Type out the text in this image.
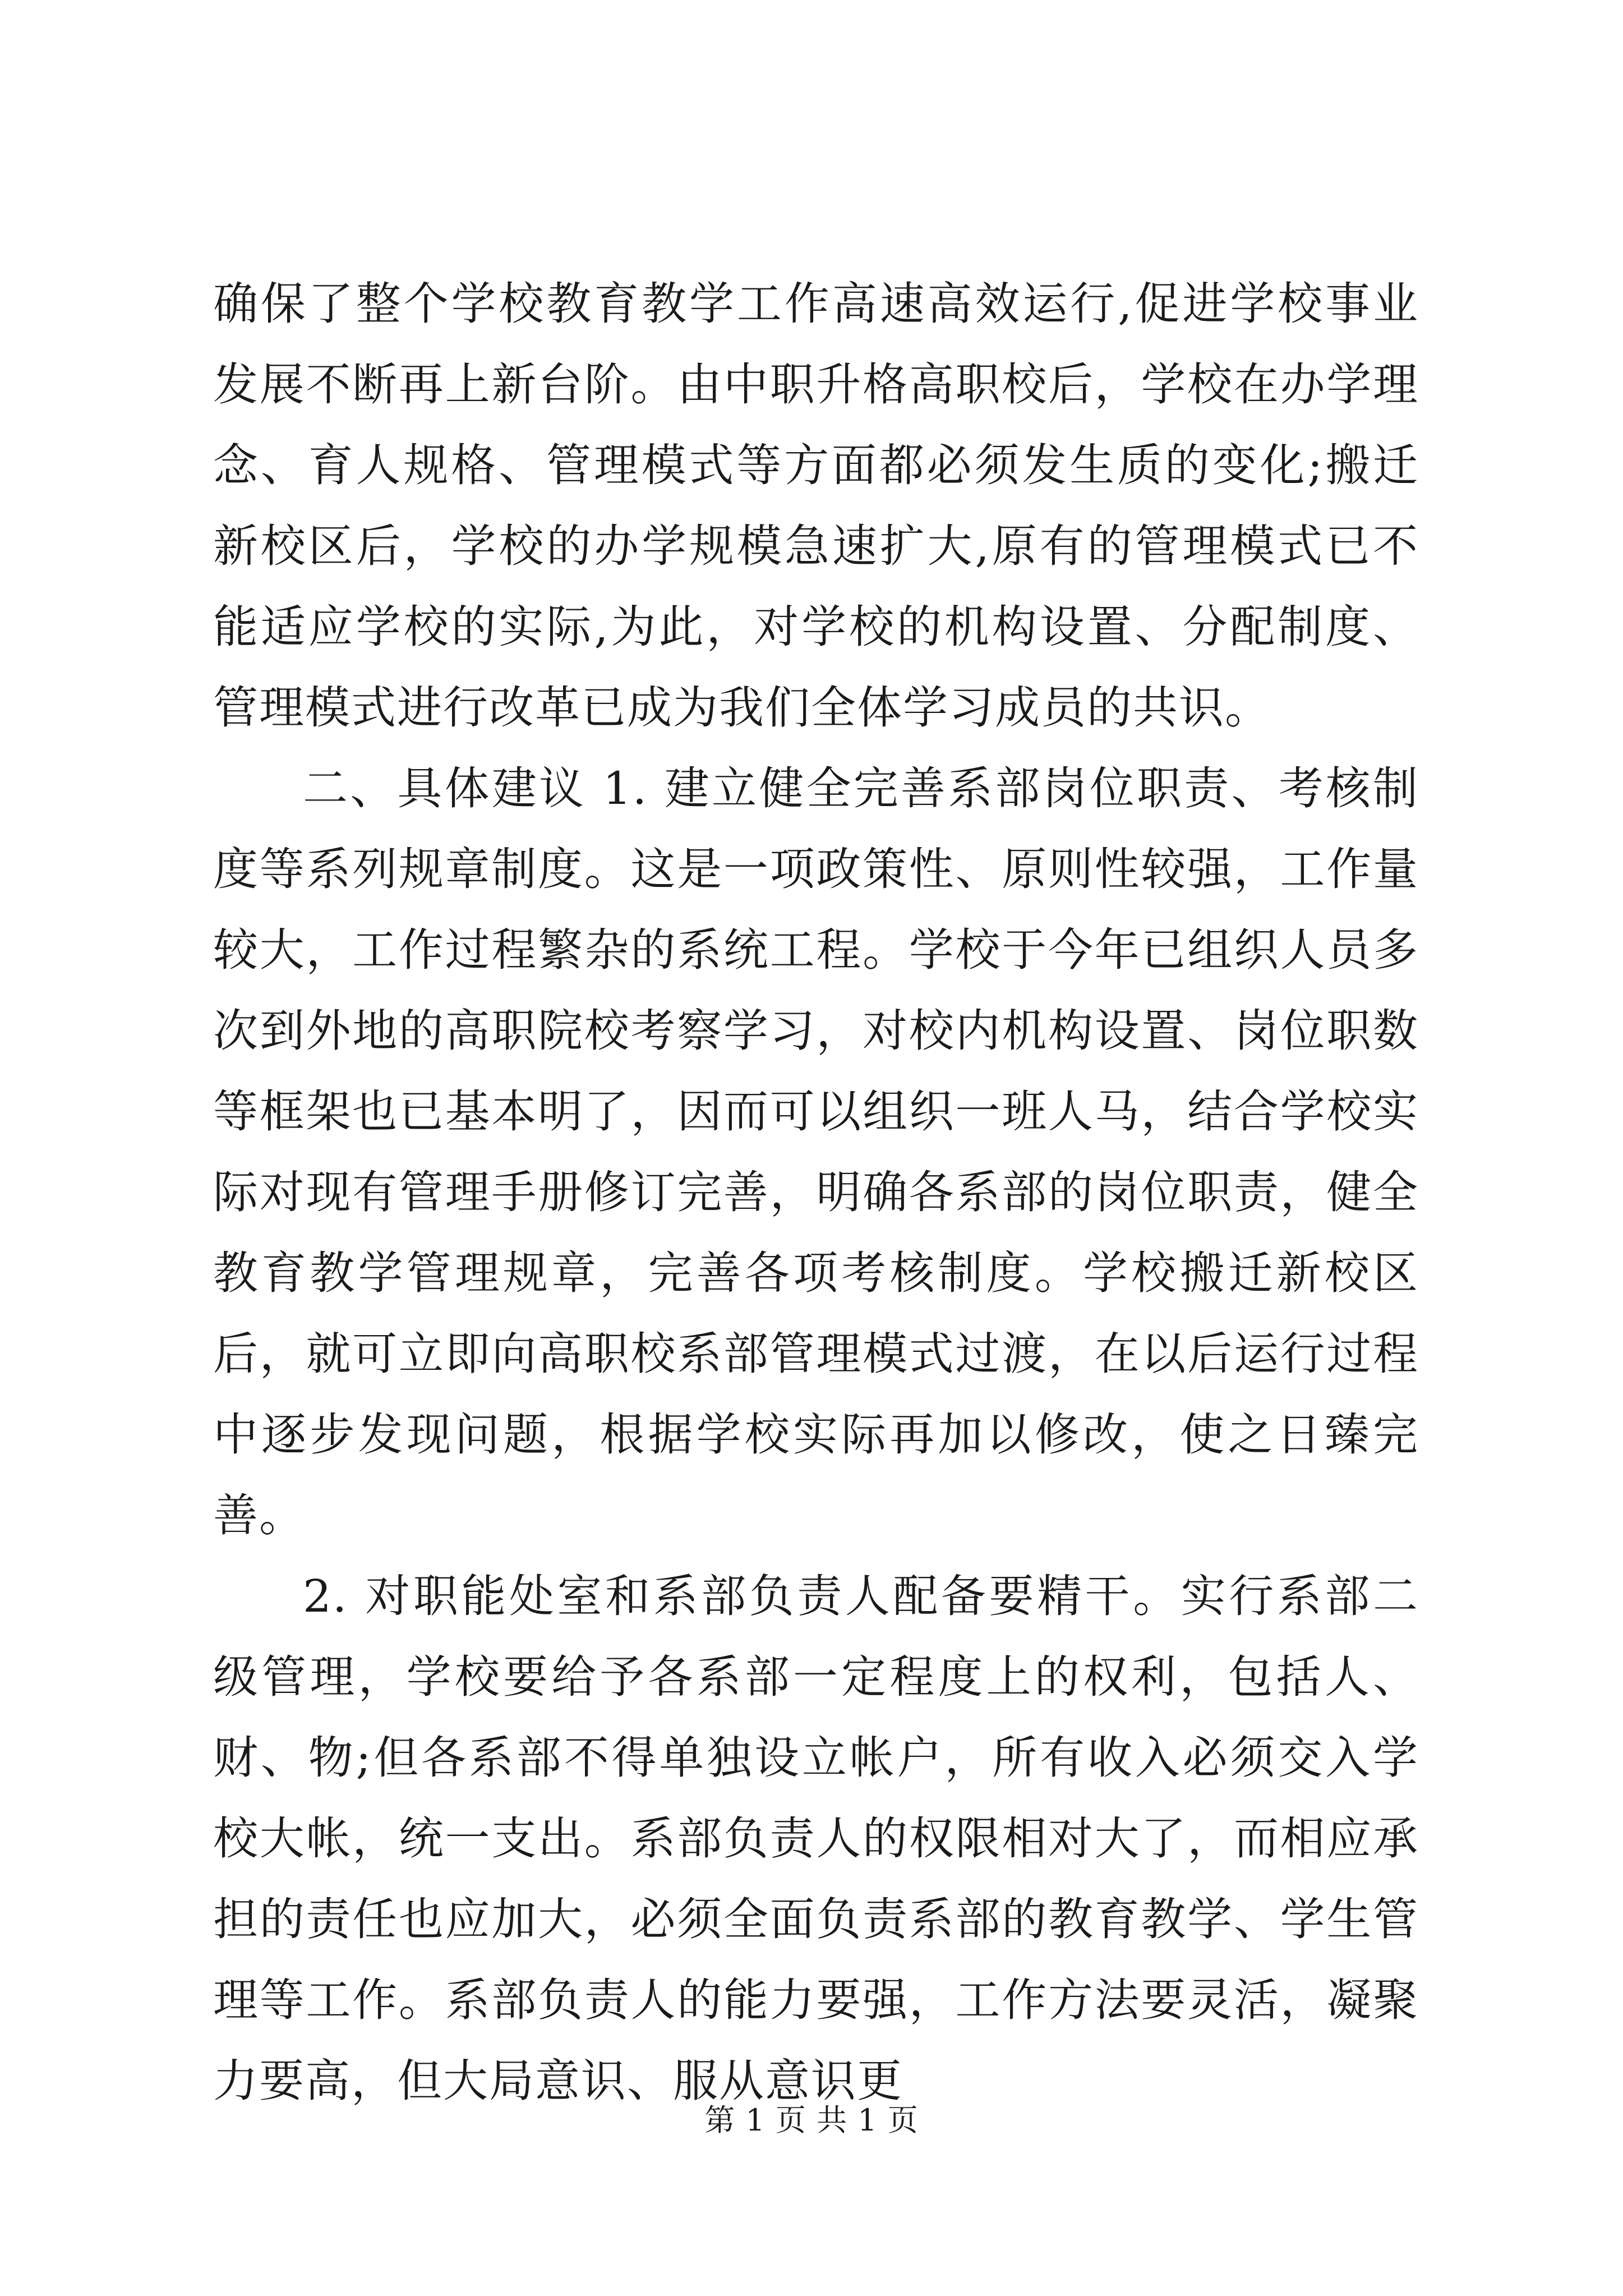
确保了整个学校教育教学工作高速高效运行,促进学校事业发展不断再上新台阶。由中职升格高职校后，学校在办学理念、育人规格、管理模式等方面都必须发生质的变化;搬迁新校区后，学校的办学规模急速扩大,原有的管理模式已不能适应学校的实际,为此，对学校的机构设置、分配制度、管理模式进行改革已成为我们全体学习成员的共识。

二、具体建议 1. 建立健全完善系部岗位职责、考核制度等系列规章制度。这是一项政策性、原则性较强，工作量较大，工作过程繁杂的系统工程。学校于今年已组织人员多次到外地的高职院校考察学习，对校内机构设置、岗位职数等框架也已基本明了，因而可以组织一班人马，结合学校实际对现有管理手册修订完善，明确各系部的岗位职责，健全教育教学管理规章，完善各项考核制度。学校搬迁新校区后，就可立即向高职校系部管理模式过渡，在以后运行过程中逐步发现问题，根据学校实际再加以修改，使之日臻完善。

2. 对职能处室和系部负责人配备要精干。实行系部二级管理，学校要给予各系部一定程度上的权利，包括人、财、物;但各系部不得单独设立帐户，所有收入必须交入学校大帐，统一支出。系部负责人的权限相对大了，而相应承担的责任也应加大，必须全面负责系部的教育教学、学生管理等工作。系部负责人的能力要强，工作方法要灵活，凝聚力要高，但大局意识、服从意识更

第 1 页 共 1 页
